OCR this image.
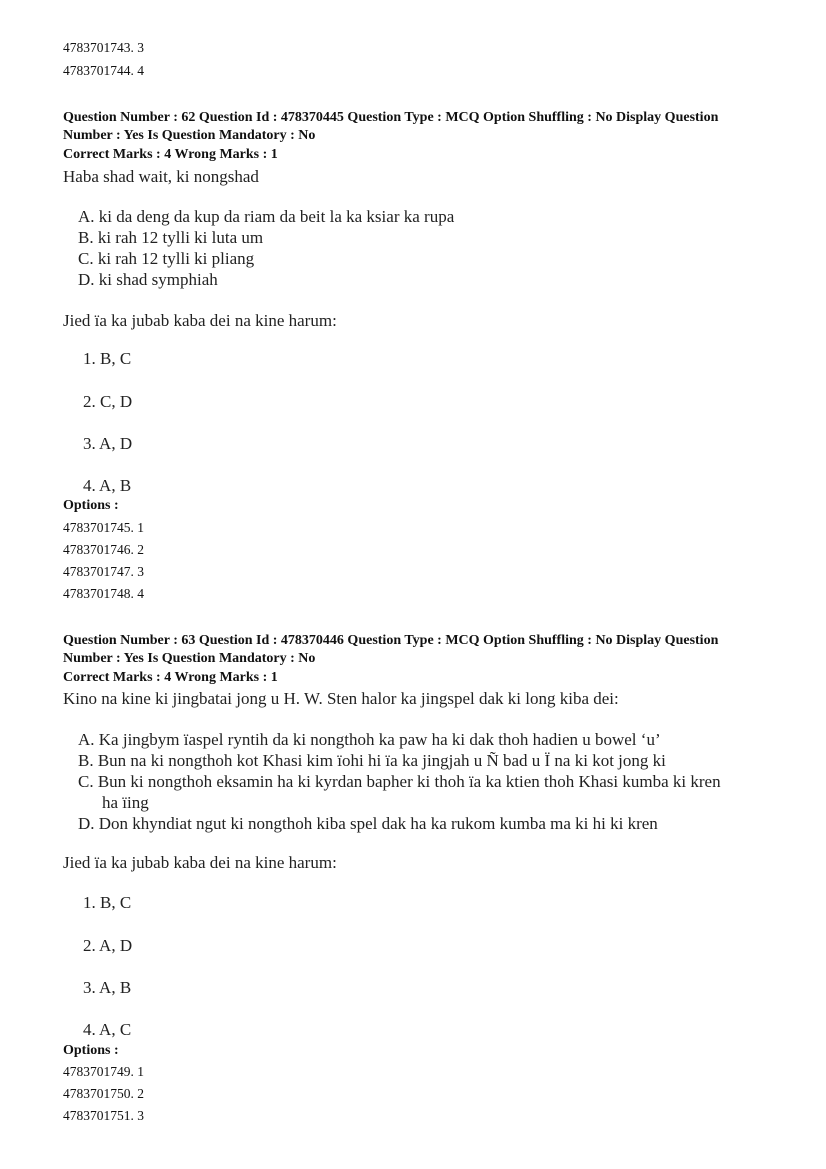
4783701743. 3
4783701744. 4
Question Number : 62 Question Id : 478370445 Question Type : MCQ Option Shuffling : No Display Question
Number : Yes Is Question Mandatory : No
Correct Marks : 4 Wrong Marks : 1
Haba shad wait, ki nongshad
A. ki da deng da kup da riam da beit la ka ksiar ka rupa
B. ki rah 12 tylli ki luta um
C. ki rah 12 tylli ki pliang
D. ki shad symphiah
Jied ïa ka jubab kaba dei na kine harum:
1. B, C
2. C, D
3. A, D
4. A, B
Options :
4783701745. 1
4783701746. 2
4783701747. 3
4783701748. 4
Question Number : 63 Question Id : 478370446 Question Type : MCQ Option Shuffling : No Display Question
Number : Yes Is Question Mandatory : No
Correct Marks : 4 Wrong Marks : 1
Kino na kine ki jingbatai jong u H. W. Sten halor ka jingspel dak ki long kiba dei:
A. Ka jingbym ïaspel ryntih da ki nongthoh ka paw ha ki dak thoh hadien u bowel ‘u’
B. Bun na ki nongthoh kot Khasi kim ïohi hi ïa ka jingjah u Ñ bad u Ï na ki kot jong ki
C. Bun ki nongthoh eksamin ha ki kyrdan bapher ki thoh ïa ka ktien thoh Khasi kumba ki kren
ha ïing
D. Don khyndiat ngut ki nongthoh kiba spel dak ha ka rukom kumba ma ki hi ki kren
Jied ïa ka jubab kaba dei na kine harum:
1. B, C
2. A, D
3. A, B
4. A, C
Options :
4783701749. 1
4783701750. 2
4783701751. 3
